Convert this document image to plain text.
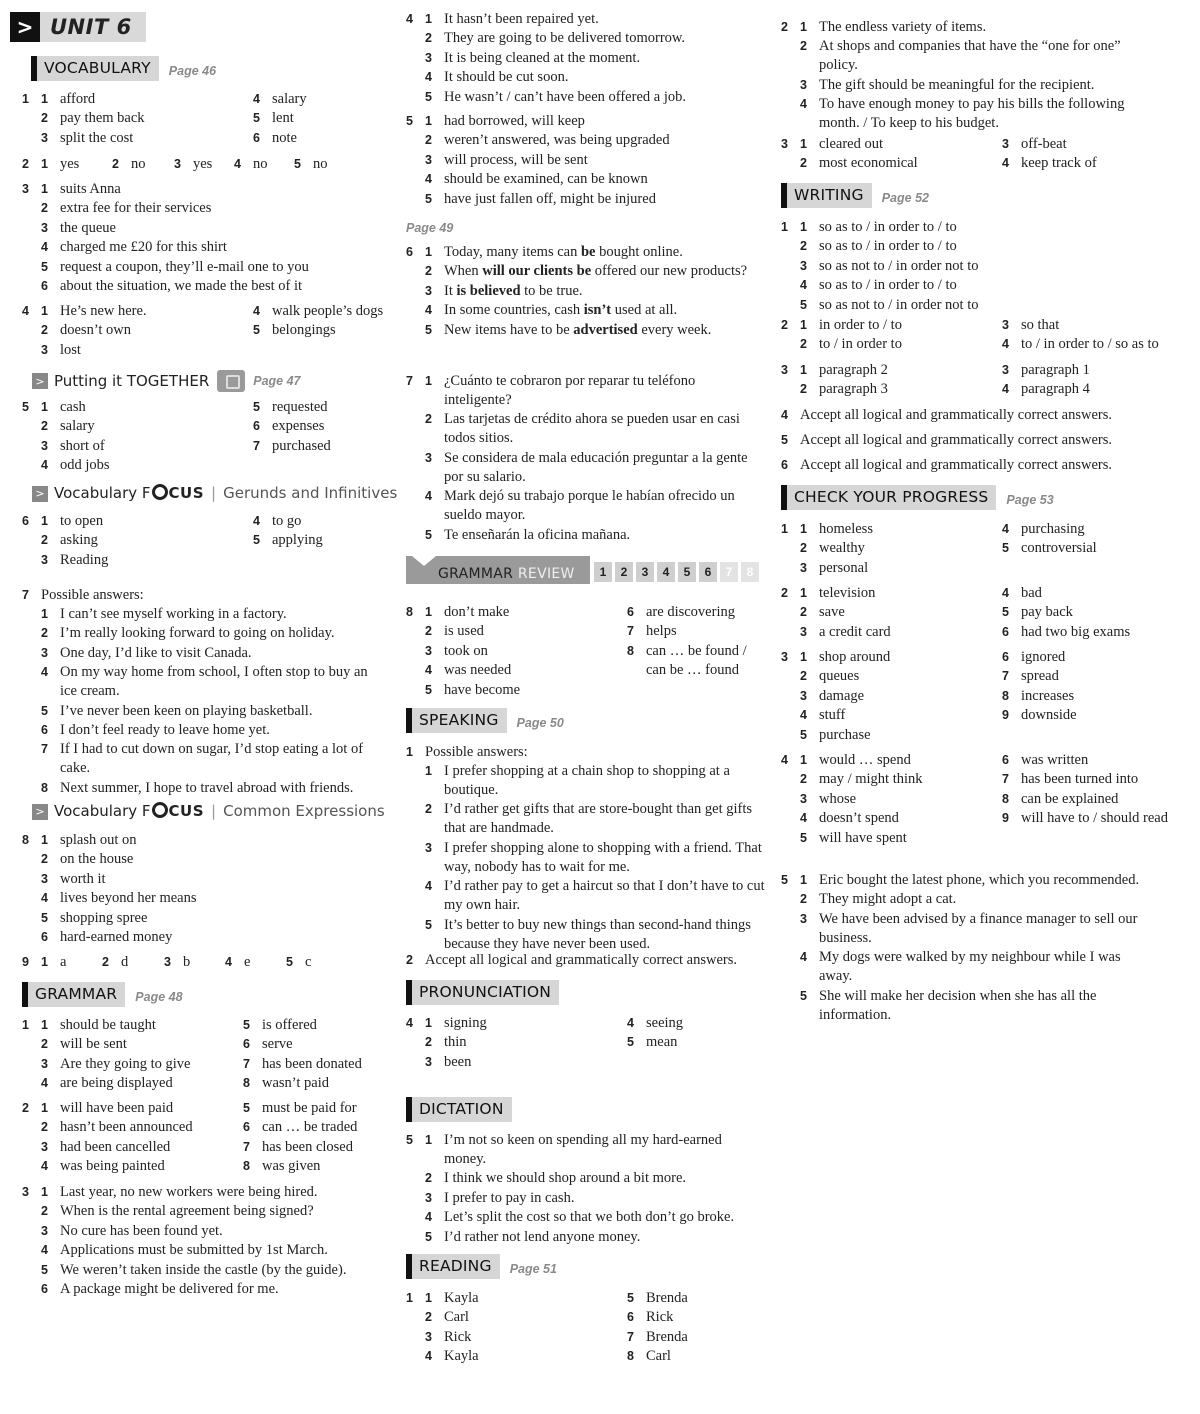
> UNIT 6
VOCABULARY	Page 46
1 1 afford	4 salary
2 pay them back	5 lent
3 split the cost	6 note
2 1 yes	2 no 3 yes 4 no 5 no
3 1 suits Anna
2 extra fee for their services
3 the queue
4 charged me £20 for this shirt
5 request a coupon, they’ll e-mail one to you
6 about the situation, we made the best of it
4 1 He’s new here.	4 walk people’s dogs
2 doesn’t own	5 belongings
3 lost
> Putting it TOGETHER	Page 47
5 1 cash	5 requested
2 salary	6 expenses
3 short of	7 purchased
4 odd jobs
> Vocabulary F	CUS | Gerunds and Infinitives
6 1 to open	4 to go
2 asking	5 applying
3 Reading
7 Possible answers:
1 I can’t see myself working in a factory.
2 I’m really looking forward to going on holiday.
3 One day, I’d like to visit Canada.
4 On my way home from school, I often stop to buy an ice cream.
5 I’ve never been keen on playing basketball.
6 I don’t feel ready to leave home yet.
7 If I had to cut down on sugar, I’d stop eating a lot of cake.
8 Next summer, I hope to travel abroad with friends.
> Vocabulary F	CUS | Common Expressions
8 1 splash out on
2 on the house
3 worth it
4 lives beyond her means
5 shopping spree
6 hard-earned money
9 1 a	2 d	3 b	4 e	5 c
GRAMMAR	Page 48
1 1 should be taught	5 is offered
2 will be sent	6 serve
3 Are they going to give	7 has been donated
4 are being displayed	8 wasn’t paid
2 1 will have been paid	5 must be paid for
2 hasn’t been announced	6 can … be traded
3 had been cancelled	7 has been closed
4 was being painted	8 was given
3 1 Last year, no new workers were being hired.
2 When is the rental agreement being signed?
3 No cure has been found yet.
4 Applications must be submitted by 1st March.
5 We weren’t taken inside the castle (by the guide).
6 A package might be delivered for me.
4 1 It hasn’t been repaired yet.
2 They are going to be delivered tomorrow.
3 It is being cleaned at the moment.
4 It should be cut soon.
5 He wasn’t / can’t have been offered a job.
5 1 had borrowed, will keep
2 weren’t answered, was being upgraded
3 will process, will be sent
4 should be examined, can be known
5 have just fallen off, might be injured
Page 49
6 1 Today, many items can be bought online.
2 When will our clients be offered our new products?
3 It is believed to be true.
4 In some countries, cash isn’t used at all.
5 New items have to be advertised every week.
7 1 ¿Cuánto te cobraron por reparar tu teléfono inteligente?
2 Las tarjetas de crédito ahora se pueden usar en casi todos sitios.
3 Se considera de mala educación preguntar a la gente por su salario.
4 Mark dejó su trabajo porque le habían ofrecido un sueldo mayor.
5 Te enseñarán la oficina mañana.
GRAMMAR REVIEW	1	2	3	4	5	6	7	8
8 1 don’t make	6 are discovering
2 is used	7 helps
3 took on	8 can … be found /
4 was needed	can be … found
5 have become
SPEAKING	Page 50
1 Possible answers:
1 I prefer shopping at a chain shop to shopping at a boutique.
2 I’d rather get gifts that are store-bought than get gifts that are handmade.
3 I prefer shopping alone to shopping with a friend. That way, nobody has to wait for me.
4 I’d rather pay to get a haircut so that I don’t have to cut my own hair.
5 It’s better to buy new things than second-hand things because they have never been used.
2 Accept all logical and grammatically correct answers.
PRONUNCIATION
4 1 signing	4 seeing
2 thin	5 mean
3 been
DICTATION
5 1 I’m not so keen on spending all my hard-earned money.
2 I think we should shop around a bit more.
3 I prefer to pay in cash.
4 Let’s split the cost so that we both don’t go broke.
5 I’d rather not lend anyone money.
READING	Page 51
1 1 Kayla	5 Brenda
2 Carl	6 Rick
3 Rick	7 Brenda
4 Kayla	8 Carl
2 1 The endless variety of items.
2 At shops and companies that have the “one for one” policy.
3 The gift should be meaningful for the recipient.
4 To have enough money to pay his bills the following month. / To keep to his budget.
3 1 cleared out	3 off-beat
2 most economical	4 keep track of
WRITING	Page 52
1 1 so as to / in order to / to
2 so as to / in order to / to
3 so as not to / in order not to
4 so as to / in order to / to
5 so as not to / in order not to
2 1 in order to / to	3 so that
2 to / in order to	4 to / in order to / so as to
3 1 paragraph 2	3 paragraph 1
2 paragraph 3	4 paragraph 4
4 Accept all logical and grammatically correct answers.
5 Accept all logical and grammatically correct answers.
6 Accept all logical and grammatically correct answers.
CHECK YOUR PROGRESS	Page 53
1 1 homeless	4 purchasing
2 wealthy	5 controversial
3 personal
2 1 television	4 bad
2 save	5 pay back
3 a credit card	6 had two big exams
3 1 shop around	6 ignored
2 queues	7 spread
3 damage	8 increases
4 stuff	9 downside
5 purchase
4 1 would … spend	6 was written
2 may / might think	7 has been turned into
3 whose	8 can be explained
4 doesn’t spend	9 will have to / should read
5 will have spent
5 1 Eric bought the latest phone, which you recommended.
2 They might adopt a cat.
3 We have been advised by a finance manager to sell our business.
4 My dogs were walked by my neighbour while I was away.
5 She will make her decision when she has all the information.
